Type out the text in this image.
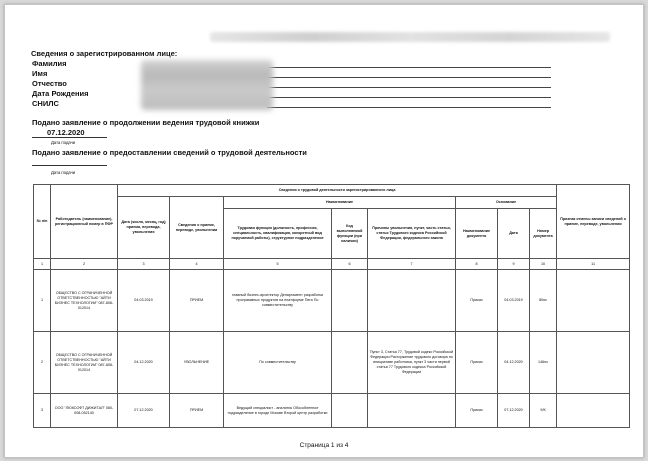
Сведения о зарегистрированном лице:
Фамилия
Имя
Отчество
Дата Рождения
СНИЛС
Подано заявление о продолжении ведения трудовой книжки
07.12.2020
Дата подачи
Подано заявление о предоставлении сведений о трудовой деятельности
Дата подачи
№ п/п	Работодатель (наименование), регистрационный номер в ПФР	Сведения о трудовой деятельности зарегистрированного лица								Признак отмены записи сведений о приеме, переводе, увольнении
		Дата (число, месяц, год) приема, перевода, увольнения	Сведения о приеме, переводе, увольнении	Наименование			Основание			
				Трудовая функция (должность, профессия, специальность, квалификация, конкретный вид поручаемой работы), структурное подразделение	Код выполняемой функции (при наличии)	Причины увольнения, пункт, часть статьи, статья Трудового кодекса Российской Федерации, федерального закона	Наименование документа	Дата	Номер документа	
1	2	3	4	5	6	7	8	9	10	11
1	ОБЩЕСТВО С ОГРАНИЧЕННОЙ ОТВЕТСТВЕННОСТЬЮ "АЙТИ БИЗНЕС ТЕХНОЛОГИИ" 087-808-012014	04.03.2019	ПРИЕМ	главный бизнес-архитектор Департамент разработки программных продуктов на платформе Пега По совместительству			Приказ	04.03.2019	80пс	
2	ОБЩЕСТВО С ОГРАНИЧЕННОЙ ОТВЕТСТВЕННОСТЬЮ "АЙТИ БИЗНЕС ТЕХНОЛОГИИ" 087-808-012014	04.12.2020	УВОЛЬНЕНИЕ	По совместительству		Пункт 3, Статья 77, Трудовой кодекс Российской Федерации Расторжение трудового договора по инициативе работника, пункт 3 части первой статьи 77 Трудового кодекса Российской Федерации	Приказ	04.12.2020	146пс	
3	ООО "ЛЮКСОФТ ДИЖИТАЛ" 080-008-052140	07.12.2020	ПРИЕМ	Ведущий специалист - аналитик Обособленное подразделение в городе Москве Второй центр разработки			Приказ	07.12.2020	9/К	
Страница 1 из 4
